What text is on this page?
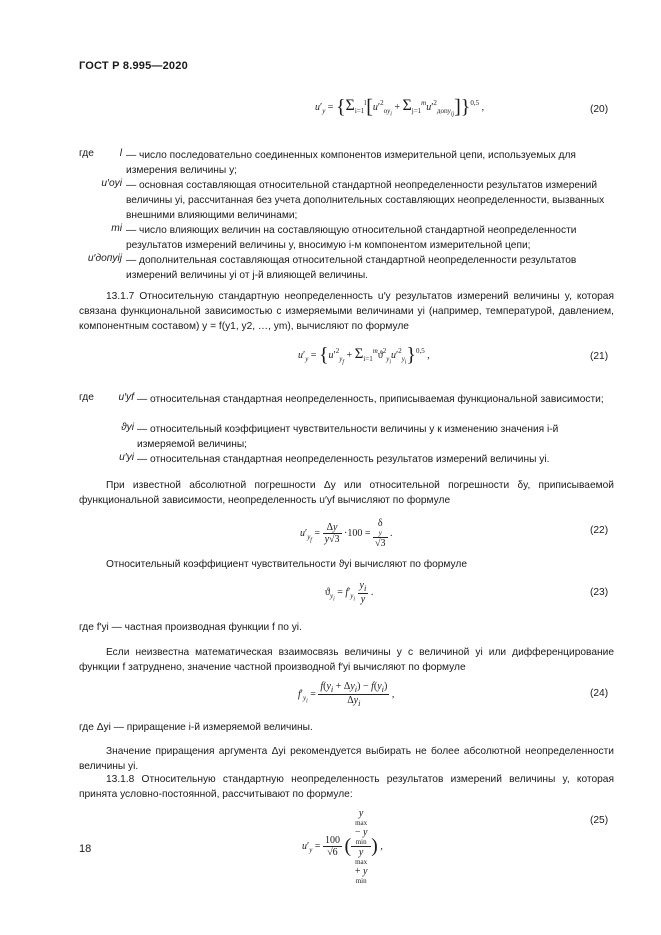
ГОСТ Р 8.995—2020
$u'_y = \{\Sigma_{i=1}^l[u'^2_{oy_i} + \Sigma_{j=1}^mu'^2_{допy_{ij}}]\}^{0,5}$ ,	(20)
где	l — число последовательно соединенных компонентов измерительной цепи, используемых для измерения величины y;
u′oyi — основная составляющая относительной стандартной неопределенности результатов измерений величины yi, рассчитанная без учета дополнительных составляющих неопределенности, вызванных внешними влияющими величинами;
mi — число влияющих величин на составляющую относительной стандартной неопределенности результатов измерений величины y, вносимую i-м компонентом измерительной цепи;
u′допyij — дополнительная составляющая относительной стандартной неопределенности результатов измерений величины yi от j-й влияющей величины.
13.1.7 Относительную стандартную неопределенность u′y результатов измерений величины y, которая связана функциональной зависимостью с измеряемыми величинами yi (например, температурой, давлением, компонентным составом) y = f(y1, y2, …, ym), вычисляют по формуле
$u'_y = \{u'^2_{y_f} + \Sigma_{i=1}^mϑ^2_{y_i}u'^2_{y_i}\}^{0,5}$ ,	(21)
где	u′yf — относительная стандартная неопределенность, приписываемая функциональной зависимости;
ϑyi — относительный коэффициент чувствительности величины y к изменению значения i-й измеряемой величины;
u′yi — относительная стандартная неопределенность результатов измерений величины yi.
При известной абсолютной погрешности Δy или относительной погрешности δy, приписываемой функциональной зависимости, неопределенность u′yf вычисляют по формуле
$u'_{y_f} = \frac{\Delta y}{y√3} \cdot 100 = \delta$
y
√3 .	(22)
Относительный коэффициент чувствительности ϑyi вычисляют по формуле
$ϑ_{y_i} = f'_{y_i} \frac{y_i}{y}$ .	(23)
где f′yi — частная производная функции f по yi.
Если неизвестна математическая взаимосвязь величины y с величиной yi или дифференцирование функции f затруднено, значение частной производной f′yi вычисляют по формуле
$f'_{y_i} = \frac{f(y_i + \Delta y_i) - f(y_i)}{\Delta y_i}$ ,	(24)
где Δyi — приращение i-й измеряемой величины.
Значение приращения аргумента Δyi рекомендуется выбирать не более абсолютной неопределенности величины yi.
13.1.8 Относительную стандартную неопределенность результатов измерений величины y, которая принята условно-постоянной, рассчитывают по формуле:
$u'_y = \frac{100}{√6}$ ( y
max
− y
min
y
max
+ y
min ) ,
(25)
18
